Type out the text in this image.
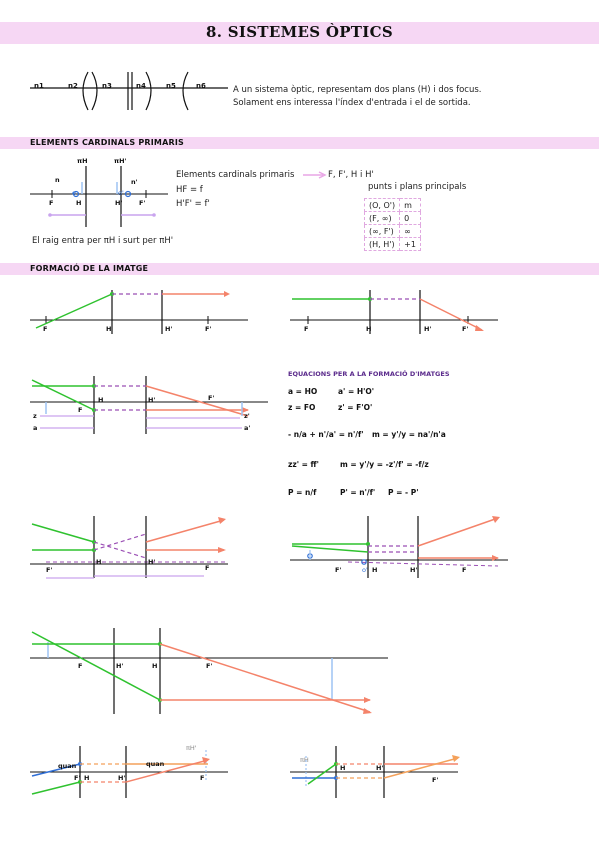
8. SISTEMES ÒPTICS
n1	n2	n3	n4	n5	n6	A un sistema òptic, representam dos plans (H) i dos focus.
Solament ens interessa l'índex d'entrada i el de sortida.
ELEMENTS CARDINALS PRIMARIS
πH	πH'
n	n'
o	o'
F	H	H'	F'
Elements cardinals primaris	F, F', H i H'
HF = f
H'F' = f'
punts i plans principals
(O, O')	m
(F, ∞)	0
(∞, F')	∞
(H, H')	+1
El raig entra per πH i surt per πH'
FORMACIÓ DE LA IMATGE
F	H	H'	F'	F	H	H'	F'
F
H	H'	F'
z
a
z'
a'
EQUACIONS PER A LA FORMACIÓ D'IMATGES
a = HO	a' = H'O'
z = FO	z' = F'O'
- n/a + n'/a' = n'/f' m = y'/y = na'/n'a
zz' = ff'	m = y'/y = -z'/f' = -f/z
P = n/f	P' = n'/f' P = - P'
F'
H	H'
F	F'	o' H	H'	F
F	H'	H	F'
πH'
quan	quan
F' H	H'	F
πH
H	H'
F'
